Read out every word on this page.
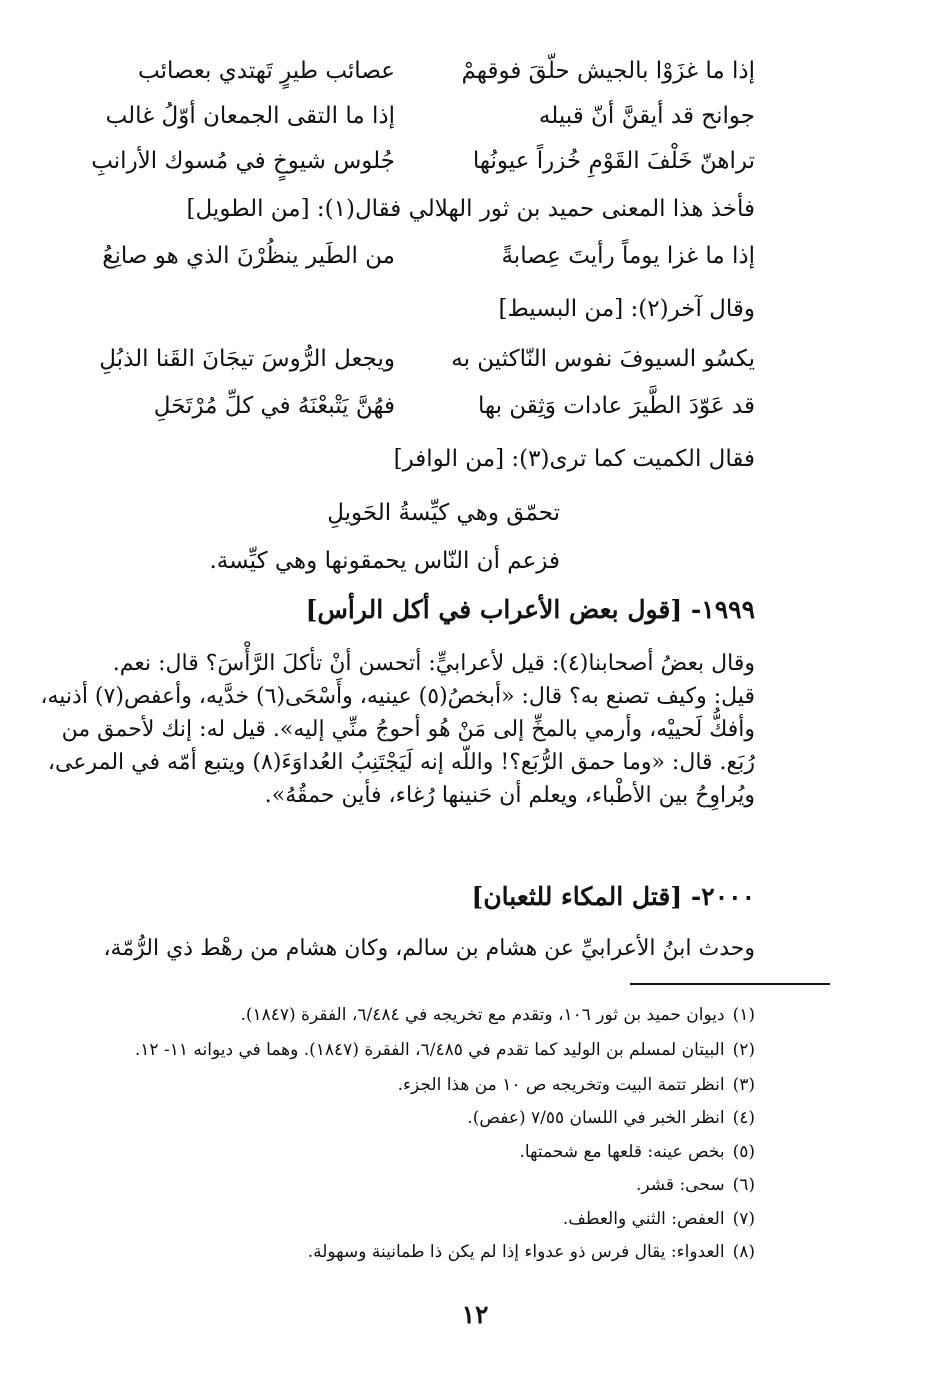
إذا ما غزَوْا بالجيش حلّقَ فوقهمْ
عصائب طيرٍ تَهتدي بعصائب
جوانح قد أيقنَّ أنّ قبيله
إذا ما التقى الجمعان أوّلُ غالب
تراهنّ خَلْفَ القَوْمِ خُزراً عيونُها
جُلوس شيوخٍ في مُسوك الأرانبِ
فأخذ هذا المعنى حميد بن ثور الهلالي فقال(١): [من الطويل]
إذا ما غزا يوماً رأيتَ عِصابةً
من الطَير ينظُرْنَ الذي هو صانِعُ
وقال آخر(٢): [من البسيط]
يكسُو السيوفَ نفوس النّاكثين به
ويجعل الرُّوسَ تيجَانَ القَنا الذبُلِ
قد عَوّدَ الطَّيرَ عادات وَثِقن بها
فهُنَّ يَتْبعْنَهُ في كلِّ مُرْتَحَلِ
فقال الكميت كما ترى(٣): [من الوافر]
تحمّق وهي كيِّسةُ الحَويلِ
فزعم أن النّاس يحمقونها وهي كيِّسة.
١٩٩٩- [قول بعض الأعراب في أكل الرأس]
وقال بعضُ أصحابنا(٤): قيل لأعرابيٍّ: أتحسن أنْ تأكلَ الرَّأْسَ؟ قال: نعم.
قيل: وكيف تصنع به؟ قال: «أبخصُ(٥) عينيه، وأَسْحَى(٦) خدَّيه، وأعفص(٧) أذنيه،
وأفكُّ لَحييْه، وأرمي بالمخِّ إلى مَنْ هُو أحوجُ منِّي إليه». قيل له: إنك لأحمق من
رُبَع. قال: «وما حمق الرُّبَع؟! واللّه إنه لَيَجْتَنِبُ العُداوَءَ(٨) ويتبع أمّه في المرعى،
ويُراوِحُ بين الأطْباء، ويعلم أن حَنينها رُغاء، فأين حمقُهُ».
٢٠٠٠- [قتل المكاء للثعبان]
وحدث ابنُ الأعرابيِّ عن هشام بن سالم، وكان هشام من رهْط ذي الرُّمّة،
(١)ديوان حميد بن ثور ١٠٦، وتقدم مع تخريجه في ٦/٤٨٤، الفقرة (١٨٤٧).
(٢)البيتان لمسلم بن الوليد كما تقدم في ٦/٤٨٥، الفقرة (١٨٤٧). وهما في ديوانه ١١- ١٢.
(٣)انظر تتمة البيت وتخريجه ص ١٠ من هذا الجزء.
(٤)انظر الخبر في اللسان ٧/٥٥ (عفص).
(٥)بخص عينه: قلعها مع شحمتها.
(٦)سحى: قشر.
(٧)العفص: الثني والعطف.
(٨)العدواء: يقال فرس ذو عدواء إذا لم يكن ذا طمانينة وسهولة.
١٢
